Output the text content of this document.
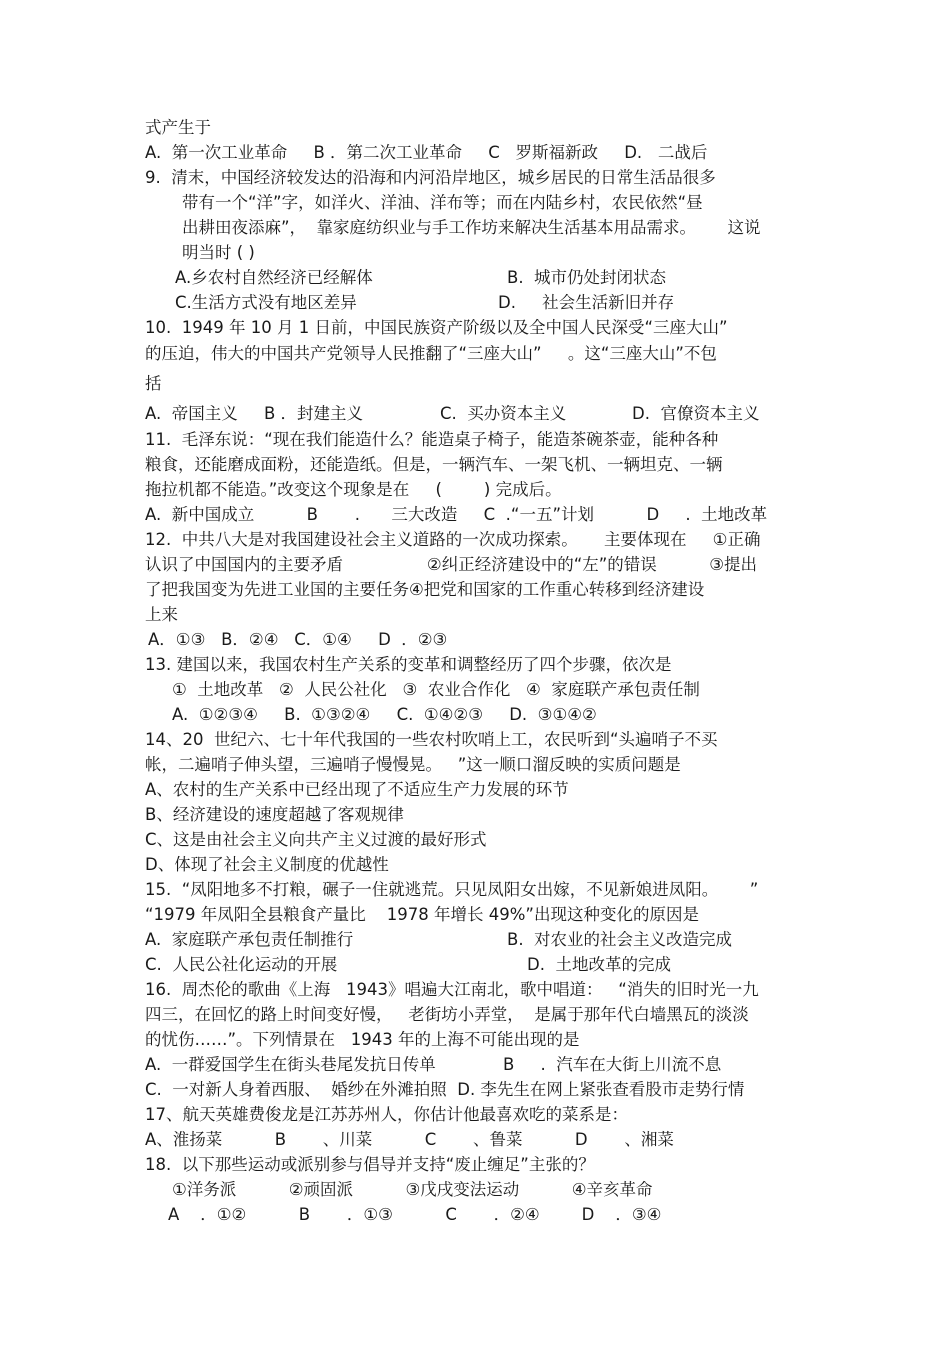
式产生于
A.  第一次工业革命     B ．第二次工业革命     C   罗斯福新政     D.   二战后
9.  清末，中国经济较发达的沿海和内河沿岸地区，城乡居民的日常生活品很多
带有一个“洋”字，如洋火、洋油、洋布等；而在内陆乡村，农民依然“昼
出耕田夜添麻”，  靠家庭纺织业与手工作坊来解决生活基本用品需求。      这说
明当时 ( )
A.乡农村自然经济已经解体	B.  城市仍处封闭状态
C.生活方式没有地区差异	D.     社会生活新旧并存
10.  1949 年 10 月 1 日前，中国民族资产阶级以及全中国人民深受“三座大山”
的压迫，伟大的中国共产党领导人民推翻了“三座大山”     。这“三座大山”不包
括
A.  帝国主义     B ．封建主义	C.  买办资本主义	D.  官僚资本主义
11.  毛泽东说：“现在我们能造什么？能造桌子椅子，能造茶碗茶壶，能种各种
粮食，还能磨成面粉，还能造纸。但是，一辆汽车、一架飞机、一辆坦克、一辆
拖拉机都不能造。”改变这个现象是在     (        ) 完成后。
A.  新中国成立          B       .      三大改造     C  .“一五”计划          D     .  土地改革
12.  中共八大是对我国建设社会主义道路的一次成功探索。     主要体现在     ①正确
认识了中国国内的主要矛盾                ②纠正经济建设中的“左”的错误          ③提出
了把我国变为先进工业国的主要任务④把党和国家的工作重心转移到经济建设
上来
A．①③   B．②④   C．①④     D  ．②③
13. 建国以来，我国农村生产关系的变革和调整经历了四个步骤，依次是
①  土地改革   ②  人民公社化   ③  农业合作化   ④  家庭联产承包责任制
A.  ①②③④     B.  ①③②④     C.  ①④②③     D.  ③①④②
14、20  世纪六、七十年代我国的一些农村吹哨上工，农民听到“头遍哨子不买
帐，二遍哨子伸头望，三遍哨子慢慢晃。   ”这一顺口溜反映的实质问题是
A、农村的生产关系中已经出现了不适应生产力发展的环节
B、经济建设的速度超越了客观规律
C、这是由社会主义向共产主义过渡的最好形式
D、体现了社会主义制度的优越性
15.  “凤阳地多不打粮，碾子一住就逃荒。只见凤阳女出嫁，不见新娘进凤阳。      ”
“1979 年凤阳全县粮食产量比    1978 年增长 49%”出现这种变化的原因是
A.  家庭联产承包责任制推行	B.  对农业的社会主义改造完成
C.  人民公社化运动的开展	D.  土地改革的完成
16.  周杰伦的歌曲《上海   1943》唱遍大江南北，歌中唱道：   “消失的旧时光一九
四三，在回忆的路上时间变好慢，   老街坊小弄堂，  是属于那年代白墙黑瓦的淡淡
的忧伤……”。下列情景在   1943 年的上海不可能出现的是
A.  一群爱国学生在街头巷尾发抗日传单	B     .  汽车在大街上川流不息
C.  一对新人身着西服、  婚纱在外滩拍照  D. 李先生在网上紧张查看股市走势行情
17、航天英雄费俊龙是江苏苏州人，你估计他最喜欢吃的菜系是：
A、淮扬菜          B       、川菜          C       、鲁菜          D       、湘菜
18.  以下那些运动或派别参与倡导并支持“废止缠足”主张的？
①洋务派          ②顽固派          ③戊戌变法运动          ④辛亥革命
A    ．①②          B       ．①③          C       ．②④        D    ．③④
